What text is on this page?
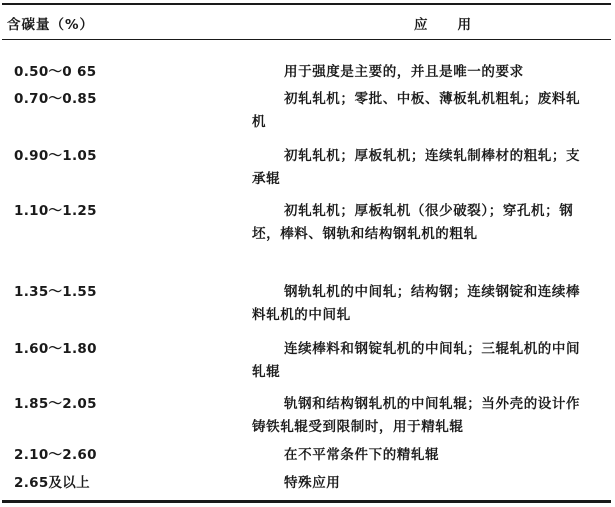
含碳量（%）	应用
0.50～0 65	用于强度是主要的，并且是唯一的要求
0.70～0.85	初轧轧机；零批、中板、薄板轧机粗轧；废料轧机
0.90～1.05	初轧轧机；厚板轧机；连续轧制棒材的粗轧；支承辊
1.10～1.25	初轧轧机；厚板轧机（很少破裂）；穿孔机；钢坯，棒料、钢轨和结构钢轧机的粗轧
1.35～1.55	钢轨轧机的中间轧；结构钢；连续钢锭和连续棒料轧机的中间轧
1.60～1.80	连续棒料和钢锭轧机的中间轧；三辊轧机的中间轧辊
1.85～2.05	轨钢和结构钢轧机的中间轧辊；当外壳的设计作铸铁轧辊受到限制时，用于精轧辊
2.10～2.60	在不平常条件下的精轧辊
2.65及以上	特殊应用
